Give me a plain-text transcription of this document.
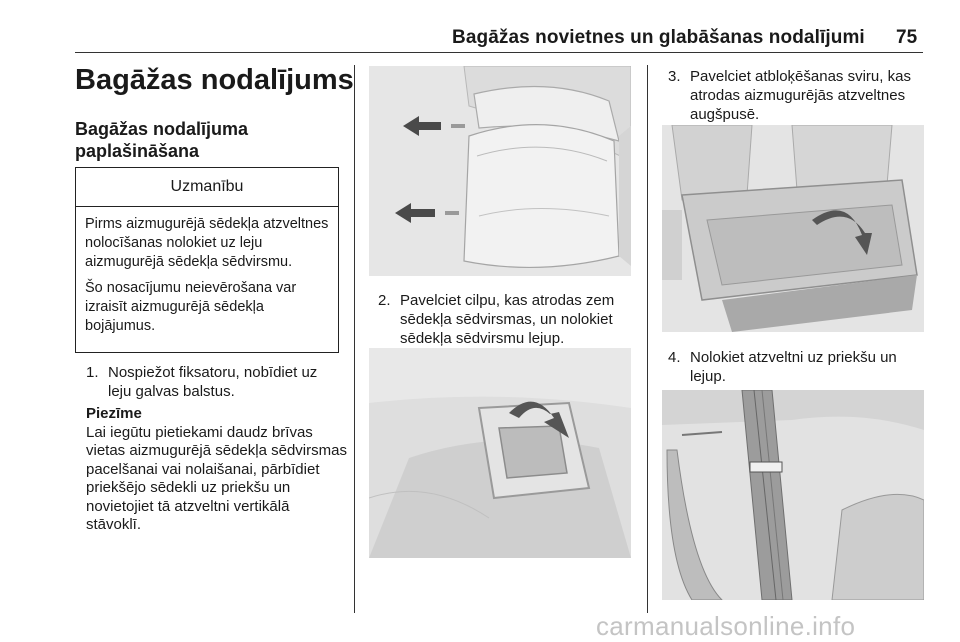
Bagāžas novietnes un glabāšanas nodalījumi 75
Bagāžas nodalījums
Bagāžas nodalījuma
paplašināšana
Uzmanību

Pirms aizmugurējā sēdekļa atzveltnes nolocīšanas nolokiet uz leju aizmugurējā sēdekļa sēdvirsmu.

Šo nosacījumu neievērošana var izraisīt aizmugurējā sēdekļa bojājumus.

1. Nospiežot fiksatoru, nobīdiet uz leju galvas balstus.
Piezīme
Lai iegūtu pietiekami daudz brīvas vietas aizmugurējā sēdekļa sēdvirsmas pacelšanai vai nolaišanai, pārbīdiet priekšējo sēdekli uz priekšu un novietojiet tā atzveltni vertikālā stāvoklī.
2. Pavelciet cilpu, kas atrodas zem sēdekļa sēdvirsmas, un nolokiet sēdekļa sēdvirsmu lejup.
3. Pavelciet atbloķēšanas sviru, kas atrodas aizmugurējās atzveltnes augšpusē.
4. Nolokiet atzveltni uz priekšu un lejup.
carmanualsonline.info
